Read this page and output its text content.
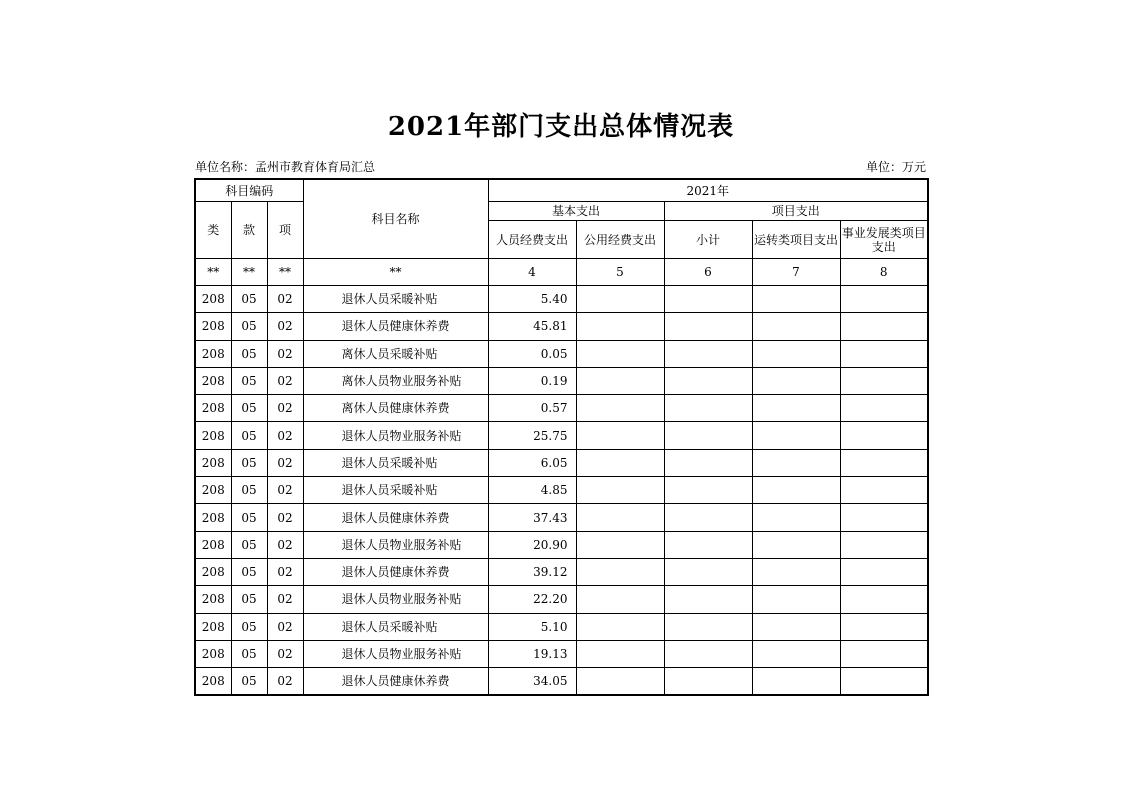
2021年部门支出总体情况表
单位名称：孟州市教育体育局汇总	单位：万元
科目编码			科目名称	2021年				
类	款	项		基本支出		项目支出		
				人员经费支出	公用经费支出	小计	运转类项目支出	事业发展类项目支出
**	**	**	**	4	5	6	7	8
208	05	02	退休人员采暖补贴	5.40				
208	05	02	退休人员健康休养费	45.81				
208	05	02	离休人员采暖补贴	0.05				
208	05	02	离休人员物业服务补贴	0.19				
208	05	02	离休人员健康休养费	0.57				
208	05	02	退休人员物业服务补贴	25.75				
208	05	02	退休人员采暖补贴	6.05				
208	05	02	退休人员采暖补贴	4.85				
208	05	02	退休人员健康休养费	37.43				
208	05	02	退休人员物业服务补贴	20.90				
208	05	02	退休人员健康休养费	39.12				
208	05	02	退休人员物业服务补贴	22.20				
208	05	02	退休人员采暖补贴	5.10				
208	05	02	退休人员物业服务补贴	19.13				
208	05	02	退休人员健康休养费	34.05				
